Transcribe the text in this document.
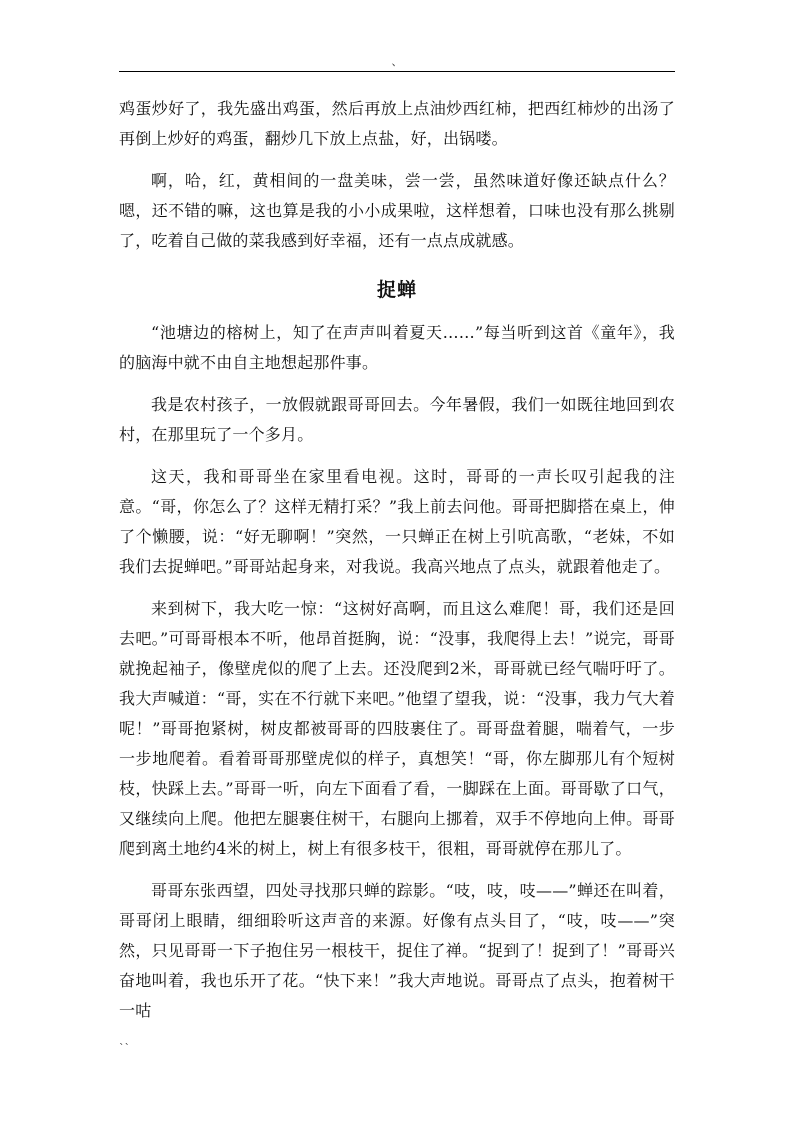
、

鸡蛋炒好了，我先盛出鸡蛋，然后再放上点油炒西红柿，把西红柿炒的出汤了再倒上炒好的鸡蛋，翻炒几下放上点盐，好，出锅喽。

啊，哈，红，黄相间的一盘美味，尝一尝，虽然味道好像还缺点什么？嗯，还不错的嘛，这也算是我的小小成果啦，这样想着，口味也没有那么挑剔了，吃着自己做的菜我感到好幸福，还有一点点成就感。

捉蝉

“池塘边的榕树上，知了在声声叫着夏天……”每当听到这首《童年》，我的脑海中就不由自主地想起那件事。

我是农村孩子，一放假就跟哥哥回去。今年暑假，我们一如既往地回到农村，在那里玩了一个多月。

这天，我和哥哥坐在家里看电视。这时，哥哥的一声长叹引起我的注意。“哥，你怎么了？这样无精打采？”我上前去问他。哥哥把脚搭在桌上，伸了个懒腰，说：“好无聊啊！”突然，一只蝉正在树上引吭高歌，“老妹，不如我们去捉蝉吧。”哥哥站起身来，对我说。我高兴地点了点头，就跟着他走了。

来到树下，我大吃一惊：“这树好高啊，而且这么难爬！哥，我们还是回去吧。”可哥哥根本不听，他昂首挺胸，说：“没事，我爬得上去！”说完，哥哥就挽起袖子，像壁虎似的爬了上去。还没爬到2米，哥哥就已经气喘吁吁了。我大声喊道：“哥，实在不行就下来吧。”他望了望我，说：“没事，我力气大着呢！”哥哥抱紧树，树皮都被哥哥的四肢裹住了。哥哥盘着腿，喘着气，一步一步地爬着。看着哥哥那壁虎似的样子，真想笑！“哥，你左脚那儿有个短树枝，快踩上去。”哥哥一听，向左下面看了看，一脚踩在上面。哥哥歇了口气，又继续向上爬。他把左腿裹住树干，右腿向上挪着，双手不停地向上伸。哥哥爬到离土地约4米的树上，树上有很多枝干，很粗，哥哥就停在那儿了。

哥哥东张西望，四处寻找那只蝉的踪影。“吱，吱，吱——”蝉还在叫着，哥哥闭上眼睛，细细聆听这声音的来源。好像有点头目了，“吱，吱——”突然，只见哥哥一下子抱住另一根枝干，捉住了禅。“捉到了！捉到了！”哥哥兴奋地叫着，我也乐开了花。“快下来！”我大声地说。哥哥点了点头，抱着树干一咕

``
